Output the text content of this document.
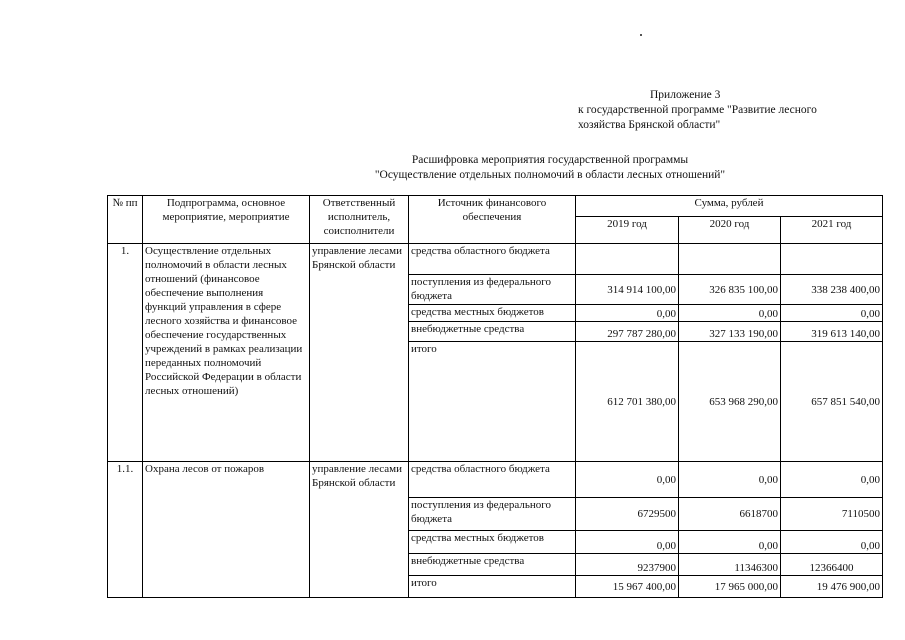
Приложение 3
к государственной программе "Развитие лесного
хозяйства Брянской области"
Расшифровка мероприятия государственной программы
"Осуществление отдельных полномочий в области лесных отношений"
№ пп	Подпрограмма, основное мероприятие, мероприятие	Ответственный исполнитель, соисполнители	Источник финансового обеспечения	Сумма, рублей		
				2019 год	2020 год	2021 год
1.	Осуществление отдельных полномочий в области лесных отношений (финансовое обеспечение выполнения функций управления в сфере лесного хозяйства и финансовое обеспечение государственных учреждений в рамках реализации переданных полномочий Российской Федерации в области лесных отношений)	управление лесами Брянской области	средства областного бюджета			
			поступления из федерального бюджета	314 914 100,00	326 835 100,00	338 238 400,00
			средства местных бюджетов	0,00	0,00	0,00
			внебюджетные средства	297 787 280,00	327 133 190,00	319 613 140,00
			итого	612 701 380,00	653 968 290,00	657 851 540,00
1.1.	Охрана лесов от пожаров	управление лесами Брянской области	средства областного бюджета	0,00	0,00	0,00
			поступления из федерального бюджета	6729500	6618700	7110500
			средства местных бюджетов	0,00	0,00	0,00
			внебюджетные средства	9237900	11346300	12366400
			итого	15 967 400,00	17 965 000,00	19 476 900,00
